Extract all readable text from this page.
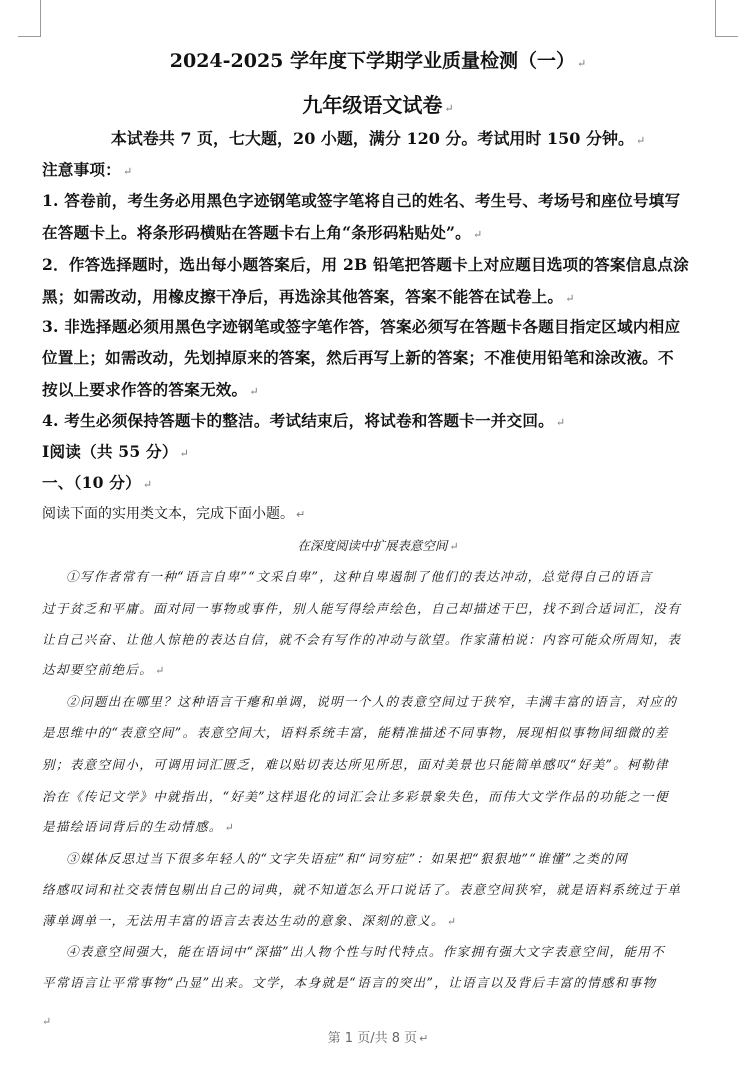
2024-2025 学年度下学期学业质量检测（一） ↵
九年级语文试卷 ↵
本试卷共 7 页，七大题，20 小题，满分 120 分。考试用时 150 分钟。 ↵
注意事项： ↵
1. 答卷前，考生务必用黑色字迹钢笔或签字笔将自己的姓名、考生号、考场号和座位号填写
在答题卡上。将条形码横贴在答题卡右上角“条形码粘贴处”。 ↵
2．作答选择题时，选出每小题答案后，用 2B 铅笔把答题卡上对应题目选项的答案信息点涂
黑；如需改动，用橡皮擦干净后，再选涂其他答案，答案不能答在试卷上。 ↵
3. 非选择题必须用黑色字迹钢笔或签字笔作答，答案必须写在答题卡各题目指定区域内相应
位置上；如需改动，先划掉原来的答案，然后再写上新的答案；不准使用铅笔和涂改液。不
按以上要求作答的答案无效。 ↵
4. 考生必须保持答题卡的整洁。考试结束后，将试卷和答题卡一并交回。 ↵
Ⅰ阅读（共 55 分） ↵
一、（10 分） ↵
阅读下面的实用类文本，完成下面小题。 ↵
在深度阅读中扩展表意空间 ↵
①写作者常有一种“语言自卑”“文采自卑”，这种自卑遏制了他们的表达冲动，总觉得自己的语言
过于贫乏和平庸。面对同一事物或事件，别人能写得绘声绘色，自己却描述干巴，找不到合适词汇，没有
让自己兴奋、让他人惊艳的表达自信，就不会有写作的冲动与欲望。作家蒲柏说：内容可能众所周知，表
达却要空前绝后。 ↵
②问题出在哪里？这种语言干瘪和单调，说明一个人的表意空间过于狭窄，丰满丰富的语言，对应的
是思维中的“表意空间”。表意空间大，语料系统丰富，能精准描述不同事物，展现相似事物间细微的差
别；表意空间小，可调用词汇匮乏，难以贴切表达所见所思，面对美景也只能简单感叹“好美”。柯勒律
治在《传记文学》中就指出，“好美”这样退化的词汇会让多彩景象失色，而伟大文学作品的功能之一便
是描绘语词背后的生动情感。 ↵
③媒体反思过当下很多年轻人的“文字失语症”和“词穷症”：如果把“狠狠地”“谁懂”之类的网
络感叹词和社交表情包剔出自己的词典，就不知道怎么开口说话了。表意空间狭窄，就是语料系统过于单
薄单调单一，无法用丰富的语言去表达生动的意象、深刻的意义。 ↵
④表意空间强大，能在语词中“深描”出人物个性与时代特点。作家拥有强大文字表意空间，能用不
平常语言让平常事物“凸显”出来。文学，本身就是“语言的突出”，让语言以及背后丰富的情感和事物
↵
第 1 页/共 8 页 ↵
